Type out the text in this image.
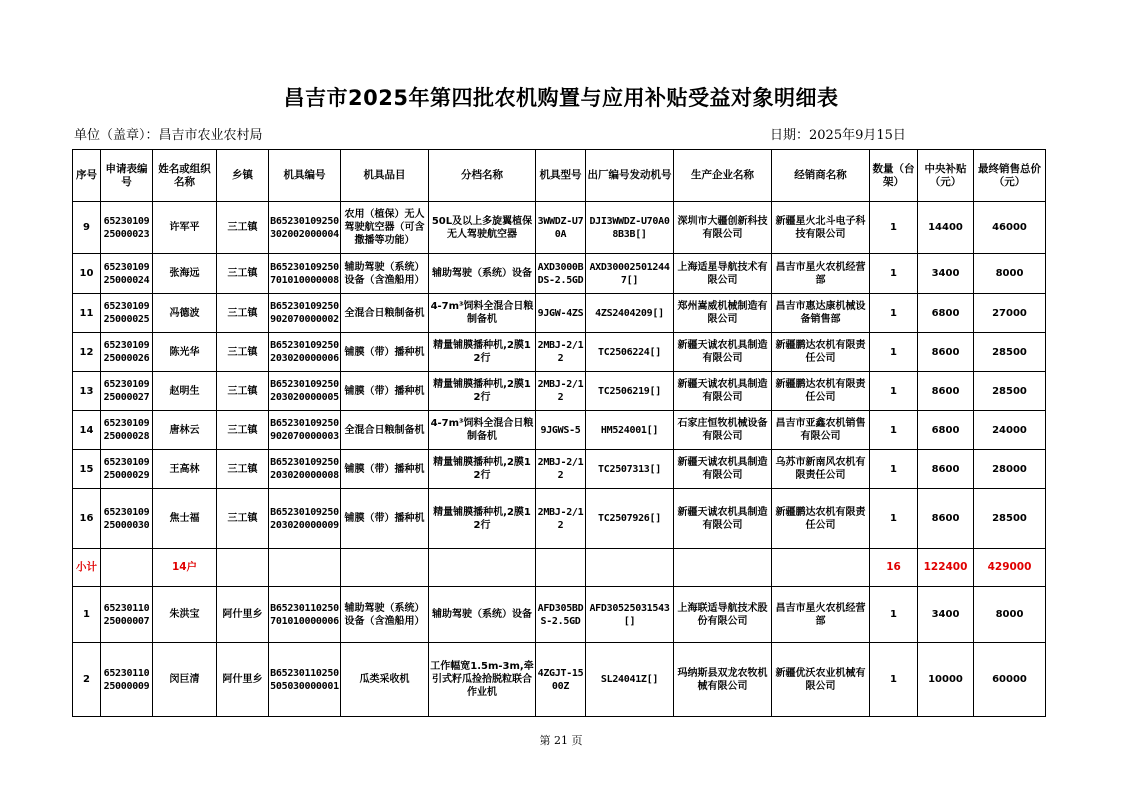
昌吉市2025年第四批农机购置与应用补贴受益对象明细表
单位（盖章）：昌吉市农业农村局	日期：2025年9月15日
序号	申请表编号	姓名或组织名称	乡镇	机具编号	机具品目	分档名称	机具型号	出厂编号发动机号	生产企业名称	经销商名称	数量（台架）	中央补贴（元）	最终销售总价（元）
9	6523010925000023	许军平	三工镇	B65230109250302002000004	农用（植保）无人驾驶航空器（可含撒播等功能）	50L及以上多旋翼植保无人驾驶航空器	3WWDZ-U70A	DJI3WWDZ-U70A08B3B[]	深圳市大疆创新科技有限公司	新疆星火北斗电子科技有限公司	1	14400	46000
10	6523010925000024	张海远	三工镇	B65230109250701010000008	辅助驾驶（系统）设备（含渔船用）	辅助驾驶（系统）设备	AXD3000BDS-2.5GD	AXD30002501244 7[]	上海适星导航技术有限公司	昌吉市星火农机经营部	1	3400	8000
11	6523010925000025	冯德波	三工镇	B65230109250902070000002	全混合日粮制备机	4-7m³饲料全混合日粮制备机	9JGW-4ZS	4ZS2404209[]	郑州嵩威机械制造有限公司	昌吉市惠达康机械设备销售部	1	6800	27000
12	6523010925000026	陈光华	三工镇	B65230109250203020000006	铺膜（带）播种机	精量铺膜播种机,2膜12行	2MBJ-2/12	TC2506224[]	新疆天诚农机具制造有限公司	新疆鹏达农机有限责任公司	1	8600	28500
13	6523010925000027	赵明生	三工镇	B65230109250203020000005	铺膜（带）播种机	精量铺膜播种机,2膜12行	2MBJ-2/12	TC2506219[]	新疆天诚农机具制造有限公司	新疆鹏达农机有限责任公司	1	8600	28500
14	6523010925000028	唐林云	三工镇	B65230109250902070000003	全混合日粮制备机	4-7m³饲料全混合日粮制备机	9JGWS-5	HM524001[]	石家庄恒牧机械设备有限公司	昌吉市亚鑫农机销售有限公司	1	6800	24000
15	6523010925000029	王高林	三工镇	B65230109250203020000008	铺膜（带）播种机	精量铺膜播种机,2膜12行	2MBJ-2/12	TC2507313[]	新疆天诚农机具制造有限公司	乌苏市新南风农机有限责任公司	1	8600	28000
16	6523010925000030	焦士福	三工镇	B65230109250203020000009	铺膜（带）播种机	精量铺膜播种机,2膜12行	2MBJ-2/12	TC2507926[]	新疆天诚农机具制造有限公司	新疆鹏达农机有限责任公司	1	8600	28500
小计		14户									16	122400	429000
1	6523011025000007	朱洪宝	阿什里乡	B65230110250701010000006	辅助驾驶（系统）设备（含渔船用）	辅助驾驶（系统）设备	AFD305BDS-2.5GD	AFD30525031543[]	上海联适导航技术股份有限公司	昌吉市星火农机经营部	1	3400	8000
2	6523011025000009	闵巨清	阿什里乡	B65230110250505030000001	瓜类采收机	工作幅宽1.5m-3m,牵引式籽瓜捡拾脱粒联合作业机	4ZGJT-1500Z	SL24041Z[]	玛纳斯县双龙农牧机械有限公司	新疆优沃农业机械有限公司	1	10000	60000
第 21 页
